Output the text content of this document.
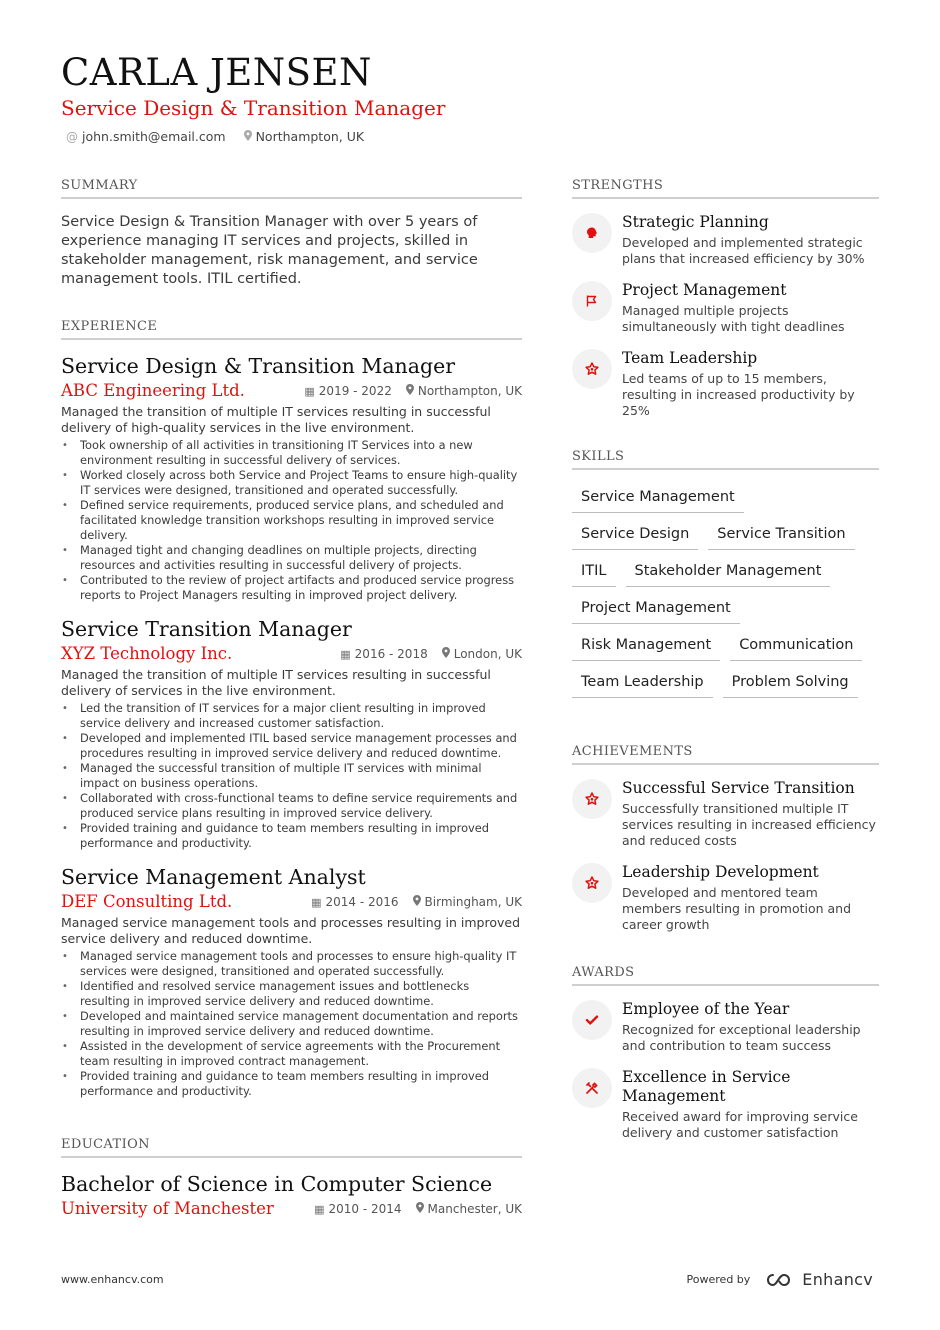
CARLA JENSEN
Service Design & Transition Manager
@ john.smith@email.com Northampton, UK
SUMMARY
Service Design & Transition Manager with over 5 years of experience managing IT services and projects, skilled in stakeholder management, risk management, and service management tools. ITIL certified.
EXPERIENCE
Service Design & Transition Manager
ABC Engineering Ltd.	▦ 2019 - 2022	Northampton, UK
Managed the transition of multiple IT services resulting in successful delivery of high-quality services in the live environment.
• Took ownership of all activities in transitioning IT Services into a new environment resulting in successful delivery of services.
• Worked closely across both Service and Project Teams to ensure high-quality IT services were designed, transitioned and operated successfully.
• Defined service requirements, produced service plans, and scheduled and facilitated knowledge transition workshops resulting in improved service delivery.
• Managed tight and changing deadlines on multiple projects, directing resources and activities resulting in successful delivery of projects.
• Contributed to the review of project artifacts and produced service progress reports to Project Managers resulting in improved project delivery.
Service Transition Manager
XYZ Technology Inc.	▦ 2016 - 2018	London, UK
Managed the transition of multiple IT services resulting in successful delivery of services in the live environment.
• Led the transition of IT services for a major client resulting in improved service delivery and increased customer satisfaction.
• Developed and implemented ITIL based service management processes and procedures resulting in improved service delivery and reduced downtime.
• Managed the successful transition of multiple IT services with minimal impact on business operations.
• Collaborated with cross-functional teams to define service requirements and produced service plans resulting in improved service delivery.
• Provided training and guidance to team members resulting in improved performance and productivity.
Service Management Analyst
DEF Consulting Ltd.	▦ 2014 - 2016	Birmingham, UK
Managed service management tools and processes resulting in improved service delivery and reduced downtime.
• Managed service management tools and processes to ensure high-quality IT services were designed, transitioned and operated successfully.
• Identified and resolved service management issues and bottlenecks resulting in improved service delivery and reduced downtime.
• Developed and maintained service management documentation and reports resulting in improved service delivery and reduced downtime.
• Assisted in the development of service agreements with the Procurement team resulting in improved contract management.
• Provided training and guidance to team members resulting in improved performance and productivity.
EDUCATION
Bachelor of Science in Computer Science
University of Manchester	▦ 2010 - 2014	Manchester, UK
STRENGTHS
Strategic Planning
Developed and implemented strategic plans that increased efficiency by 30%
Project Management
Managed multiple projects simultaneously with tight deadlines
Team Leadership
Led teams of up to 15 members, resulting in increased productivity by 25%
SKILLS
Service Management
Service Design	Service Transition
ITIL	Stakeholder Management
Project Management
Risk Management	Communication
Team Leadership	Problem Solving
ACHIEVEMENTS
Successful Service Transition
Successfully transitioned multiple IT services resulting in increased efficiency and reduced costs
Leadership Development
Developed and mentored team members resulting in promotion and career growth
AWARDS
Employee of the Year
Recognized for exceptional leadership and contribution to team success
Excellence in Service Management
Received award for improving service delivery and customer satisfaction
www.enhancv.com	Powered by	Enhancv
